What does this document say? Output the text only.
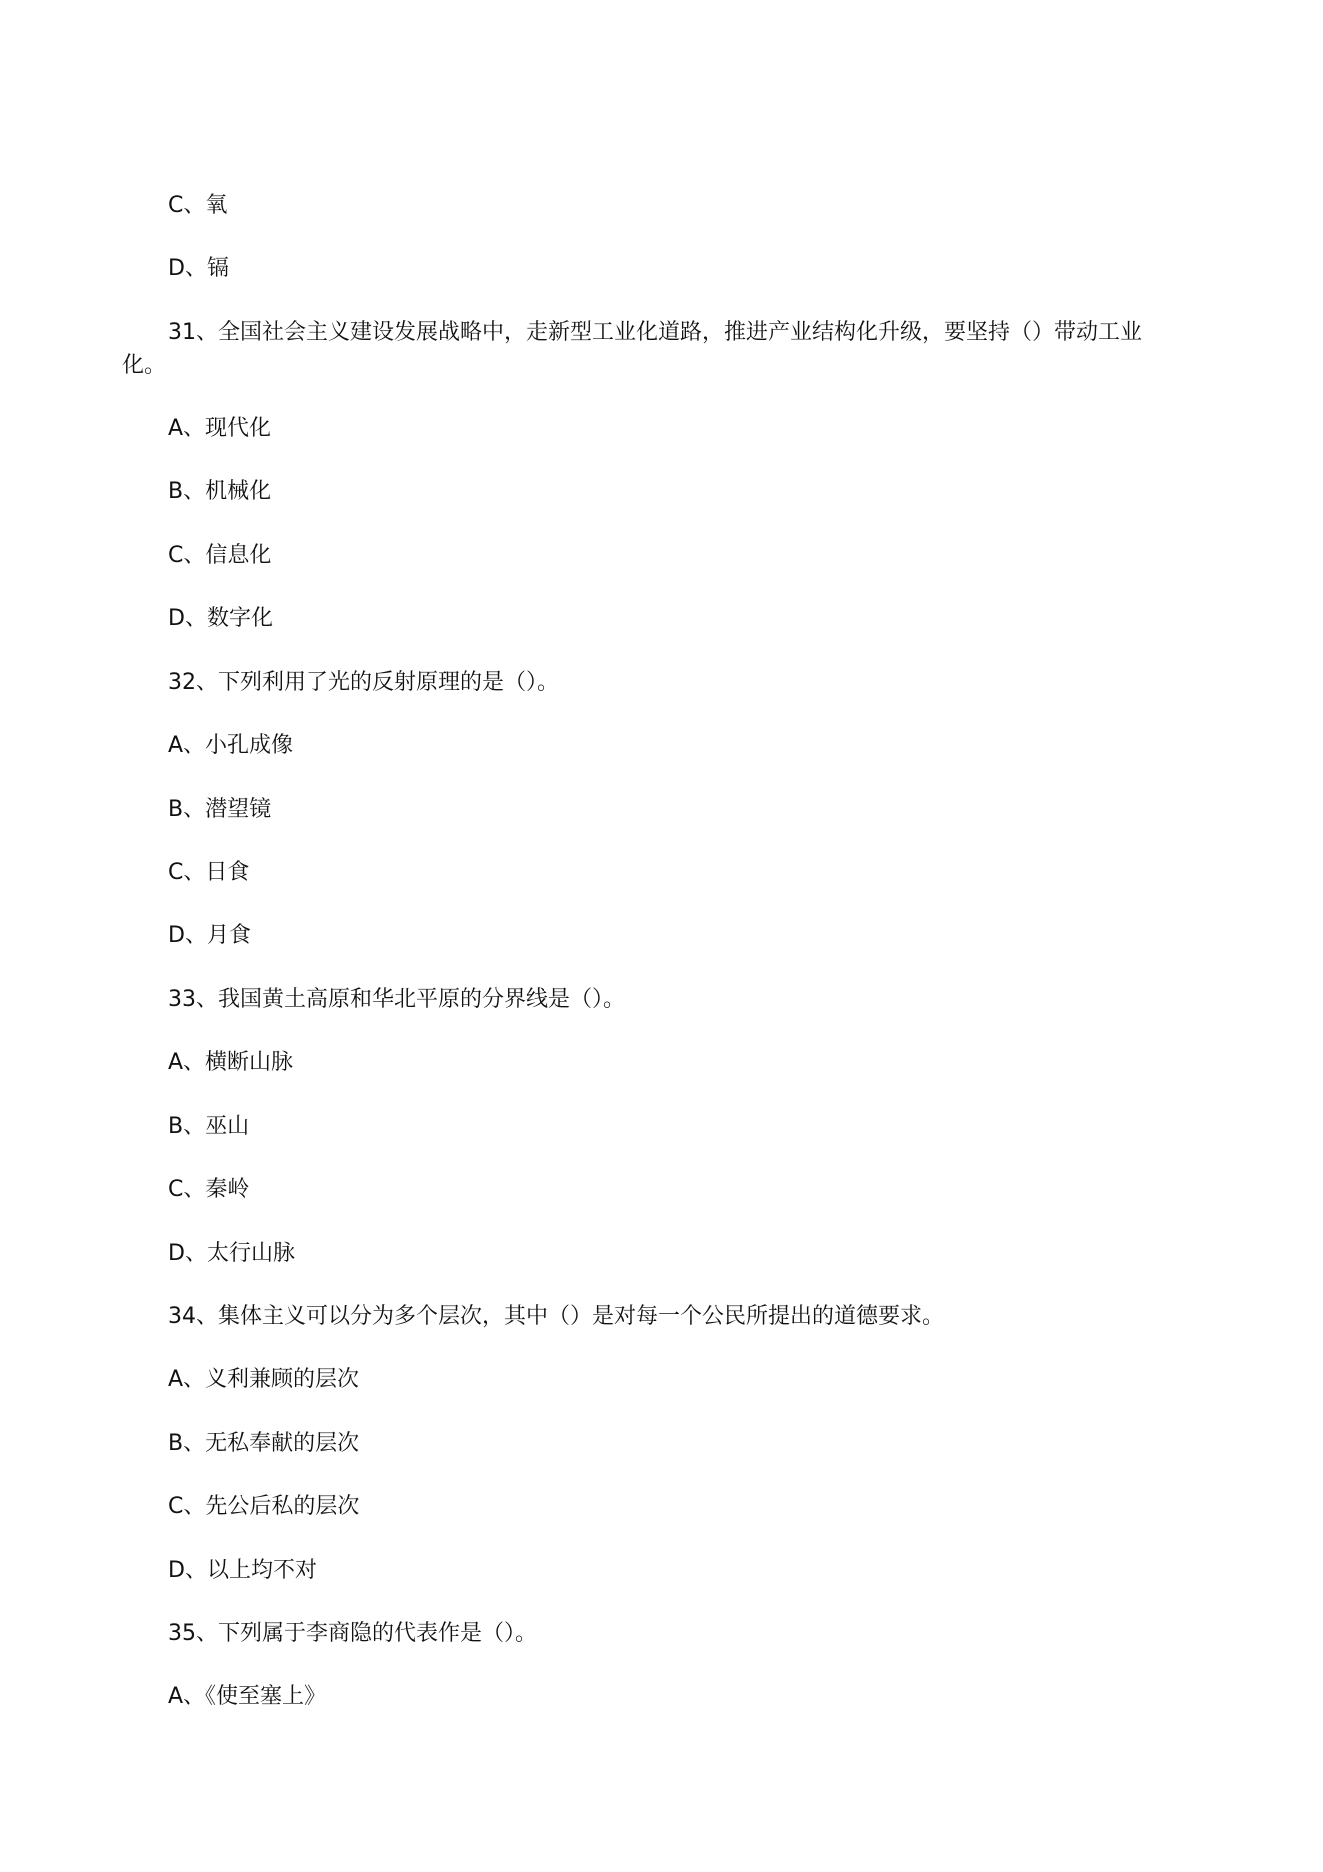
C、氧
D、镉
31、全国社会主义建设发展战略中，走新型工业化道路，推进产业结构化升级，要坚持（）带动工业
化。
A、现代化
B、机械化
C、信息化
D、数字化
32、下列利用了光的反射原理的是（）。
A、小孔成像
B、潜望镜
C、日食
D、月食
33、我国黄土高原和华北平原的分界线是（）。
A、横断山脉
B、巫山
C、秦岭
D、太行山脉
34、集体主义可以分为多个层次，其中（）是对每一个公民所提出的道德要求。
A、义利兼顾的层次
B、无私奉献的层次
C、先公后私的层次
D、以上均不对
35、下列属于李商隐的代表作是（）。
A、《使至塞上》
